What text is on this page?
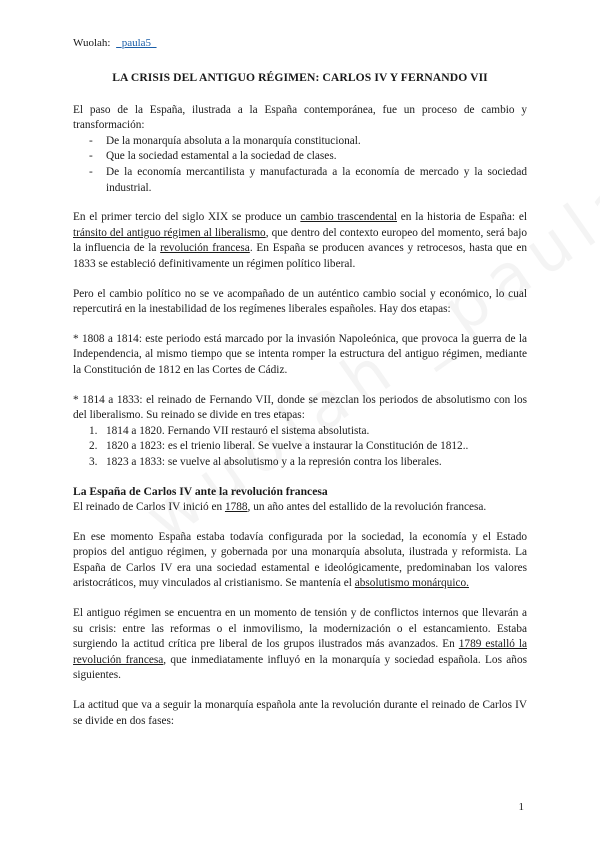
Wuolah: _paula5_
LA CRISIS DEL ANTIGUO RÉGIMEN: CARLOS IV Y FERNANDO VII

El paso de la España, ilustrada a la España contemporánea, fue un proceso de cambio y transformación:

- De la monarquía absoluta a la monarquía constitucional.
- Que la sociedad estamental a la sociedad de clases.
- De la economía mercantilista y manufacturada a la economía de mercado y la sociedad industrial.

En el primer tercio del siglo XIX se produce un cambio trascendental en la historia de España: el tránsito del antiguo régimen al liberalismo, que dentro del contexto europeo del momento, será bajo la influencia de la revolución francesa. En España se producen avances y retrocesos, hasta que en 1833 se estableció definitivamente un régimen político liberal.

Pero el cambio político no se ve acompañado de un auténtico cambio social y económico, lo cual repercutirá en la inestabilidad de los regímenes liberales españoles. Hay dos etapas:

* 1808 a 1814: este periodo está marcado por la invasión Napoleónica, que provoca la guerra de la Independencia, al mismo tiempo que se intenta romper la estructura del antiguo régimen, mediante la Constitución de 1812 en las Cortes de Cádiz.

* 1814 a 1833: el reinado de Fernando VII, donde se mezclan los periodos de absolutismo con los del liberalismo. Su reinado se divide en tres etapas:

1. 1814 a 1820. Fernando VII restauró el sistema absolutista.
2. 1820 a 1823: es el trienio liberal. Se vuelve a instaurar la Constitución de 1812..
3. 1823 a 1833: se vuelve al absolutismo y a la represión contra los liberales.
La España de Carlos IV ante la revolución francesa

El reinado de Carlos IV inició en 1788, un año antes del estallido de la revolución francesa.

En ese momento España estaba todavía configurada por la sociedad, la economía y el Estado propios del antiguo régimen, y gobernada por una monarquía absoluta, ilustrada y reformista. La España de Carlos IV era una sociedad estamental e ideológicamente, predominaban los valores aristocráticos, muy vinculados al cristianismo. Se mantenía el absolutismo monárquico.

El antiguo régimen se encuentra en un momento de tensión y de conflictos internos que llevarán a su crisis: entre las reformas o el inmovilismo, la modernización o el estancamiento. Estaba surgiendo la actitud crítica pre liberal de los grupos ilustrados más avanzados. En 1789 estalló la revolución francesa, que inmediatamente influyó en la monarquía y sociedad española. Los años siguientes.

La actitud que va a seguir la monarquía española ante la revolución durante el reinado de Carlos IV se divide en dos fases:

1
